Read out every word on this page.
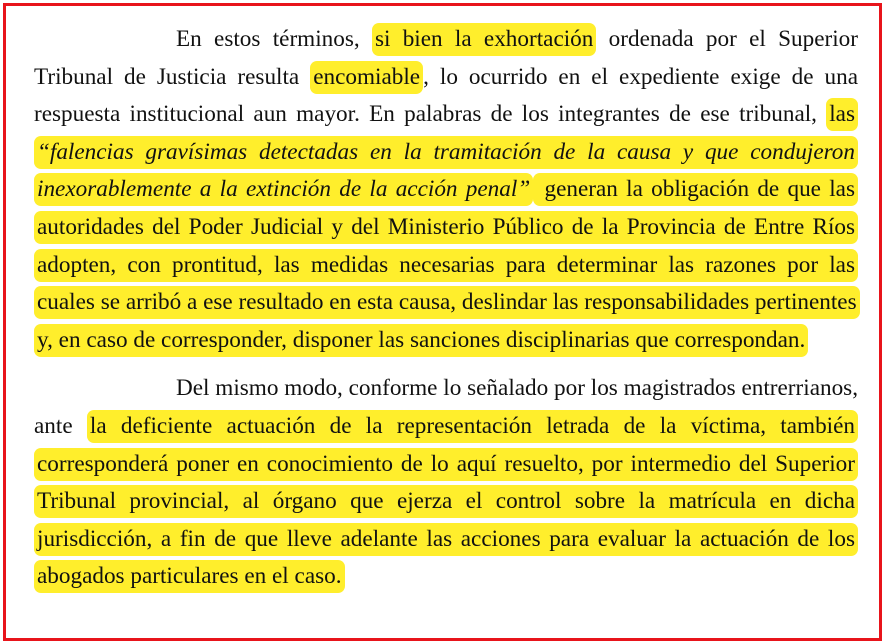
En estos términos, si bien la exhortación ordenada por el Superior Tribunal de Justicia resulta encomiable , lo ocurrido en el expediente exige de una respuesta institucional aun mayor. En palabras de los integrantes de ese tribunal, las “falencias gravísimas detectadas en la tramitación de la causa y que condujeron inexorablemente a la extinción de la acción penal” generan la obligación de que las autoridades del Poder Judicial y del Ministerio Público de la Provincia de Entre Ríos adopten, con prontitud, las medidas necesarias para determinar las razones por las cuales se arribó a ese resultado en esta causa, deslindar las responsabilidades pertinentes y, en caso de corresponder, disponer las sanciones disciplinarias que correspondan.

Del mismo modo, conforme lo señalado por los magistrados entrerrianos, ante la deficiente actuación de la representación letrada de la víctima, también corresponderá poner en conocimiento de lo aquí resuelto, por intermedio del Superior Tribunal provincial, al órgano que ejerza el control sobre la matrícula en dicha jurisdicción, a fin de que lleve adelante las acciones para evaluar la actuación de los abogados particulares en el caso.
